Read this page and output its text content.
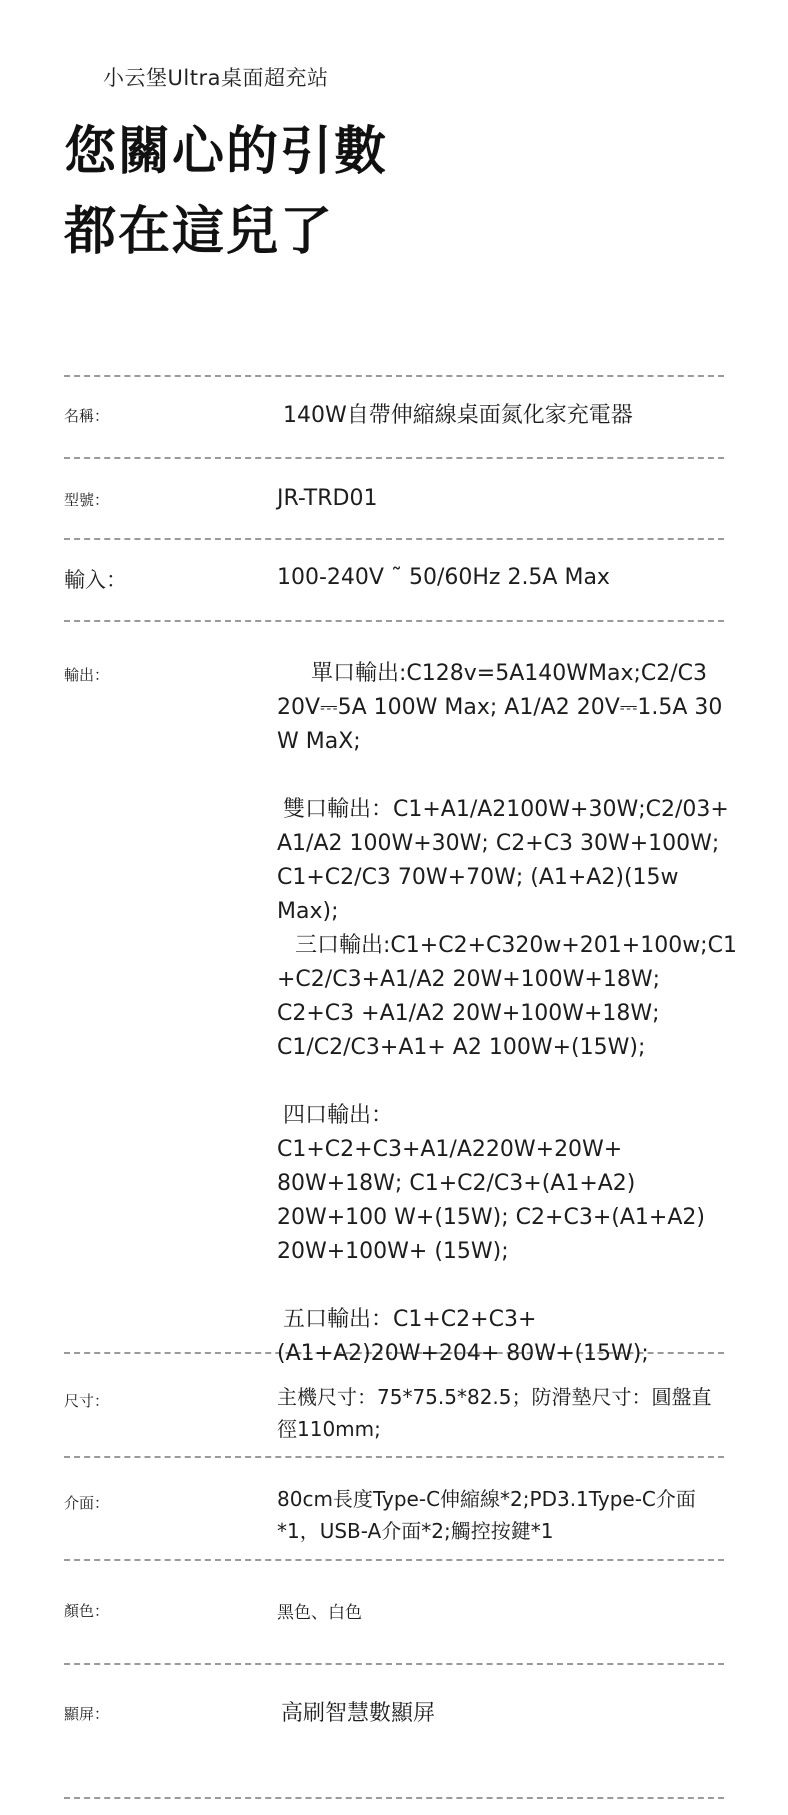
小云堡Ultra桌面超充站
您關心的引數
都在這兒了
名稱：	140W自帶伸縮線桌面氮化家充電器
型號：	JR-TRD01
輸入：	100-240V ˜ 50/60Hz 2.5A Max
輸出：	單口輸出:C128v=5A140WMax;C2/C3 20V⎓5A 100W Max; A1/A2 20V⎓1.5A 30 W MaX;

雙口輸出：C1+A1/A2100W+30W;C2/03+ A1/A2 100W+30W; C2+C3 30W+100W; C1+C2/C3 70W+70W; (A1+A2)(15w Max);

三口輸出:C1+C2+C320w+201+100w;C1 +C2/C3+A1/A2 20W+100W+18W; C2+C3 +A1/A2 20W+100W+18W; C1/C2/C3+A1+ A2 100W+(15W);

四口輸出：C1+C2+C3+A1/A220W+20W+ 80W+18W; C1+C2/C3+(A1+A2) 20W+100 W+(15W); C2+C3+(A1+A2) 20W+100W+ (15W);

五口輸出：C1+C2+C3+ (A1+A2)20W+204+ 80W+(15W);

尺寸：	主機尺寸：75*75.5*82.5；防滑墊尺寸：圓盤直徑110mm;
介面：	80cm長度Type-C伸縮線*2;PD3.1Type-C介面*1，USB-A介面*2;觸控按鍵*1
顏色：	黑色、白色
顯屏：	高刷智慧數顯屏
